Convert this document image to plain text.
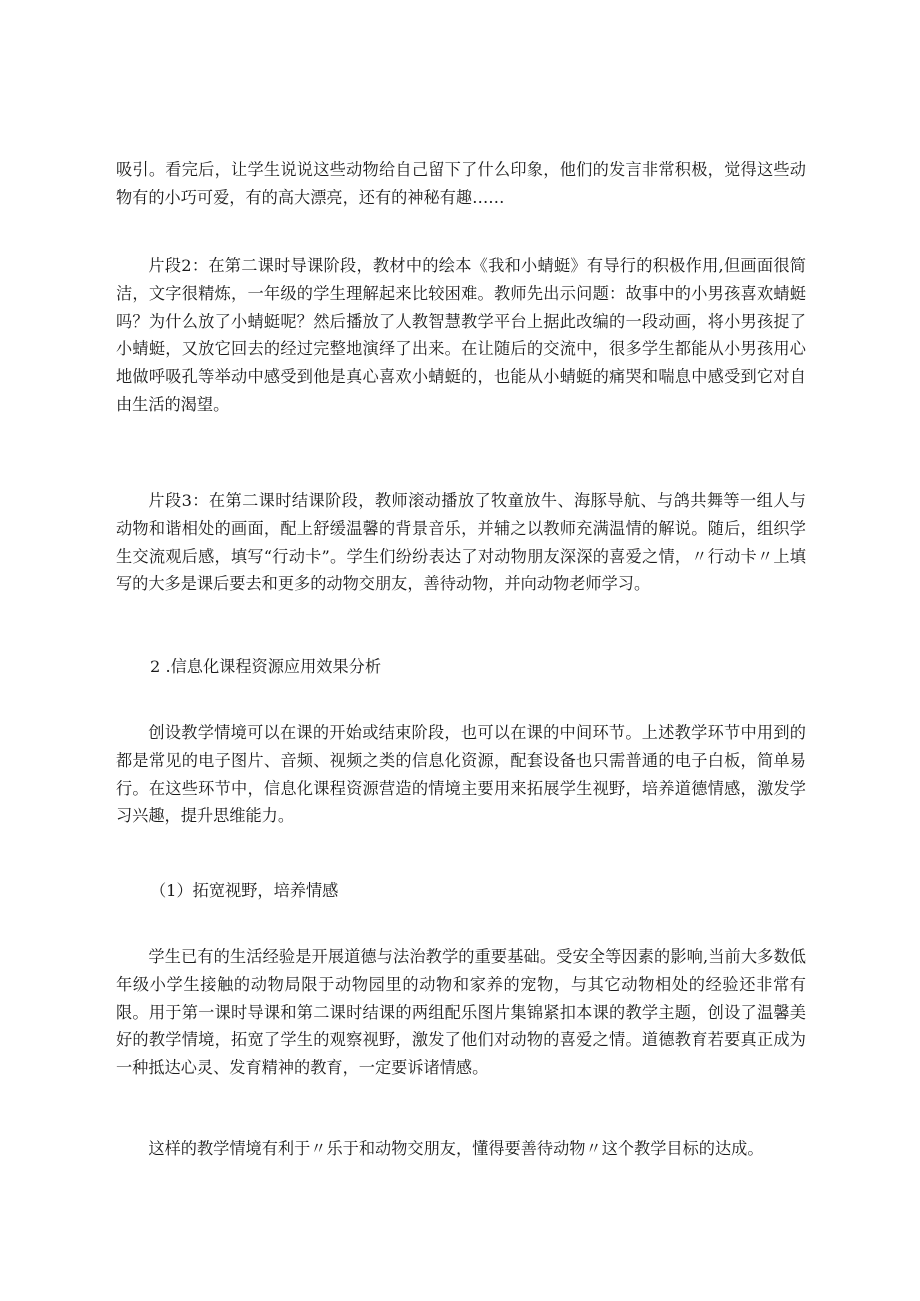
吸引。看完后，让学生说说这些动物给自己留下了什么印象，他们的发言非常积极，觉得这些动物有的小巧可爱，有的高大漂亮，还有的神秘有趣……

片段2：在第二课时导课阶段，教材中的绘本《我和小蜻蜓》有导行的积极作用,但画面很简洁，文字很精炼，一年级的学生理解起来比较困难。教师先出示问题：故事中的小男孩喜欢蜻蜓吗？为什么放了小蜻蜓呢？然后播放了人教智慧教学平台上据此改编的一段动画，将小男孩捉了小蜻蜓，又放它回去的经过完整地演绎了出来。在让随后的交流中，很多学生都能从小男孩用心地做呼吸孔等举动中感受到他是真心喜欢小蜻蜓的，也能从小蜻蜓的痛哭和喘息中感受到它对自由生活的渴望。

片段3：在第二课时结课阶段，教师滚动播放了牧童放牛、海豚导航、与鸽共舞等一组人与动物和谐相处的画面，配上舒缓温馨的背景音乐，并辅之以教师充满温情的解说。随后，组织学生交流观后感，填写“行动卡”。学生们纷纷表达了对动物朋友深深的喜爱之情，〃行动卡〃上填写的大多是课后要去和更多的动物交朋友，善待动物，并向动物老师学习。

2 .信息化课程资源应用效果分析

创设教学情境可以在课的开始或结束阶段，也可以在课的中间环节。上述教学环节中用到的都是常见的电子图片、音频、视频之类的信息化资源，配套设备也只需普通的电子白板，简单易行。在这些环节中，信息化课程资源营造的情境主要用来拓展学生视野，培养道德情感，激发学习兴趣，提升思维能力。

（1）拓宽视野，培养情感

学生已有的生活经验是开展道德与法治教学的重要基础。受安全等因素的影响,当前大多数低年级小学生接触的动物局限于动物园里的动物和家养的宠物，与其它动物相处的经验还非常有限。用于第一课时导课和第二课时结课的两组配乐图片集锦紧扣本课的教学主题，创设了温馨美好的教学情境，拓宽了学生的观察视野，激发了他们对动物的喜爱之情。道德教育若要真正成为一种抵达心灵、发育精神的教育，一定要诉诸情感。

这样的教学情境有利于〃乐于和动物交朋友，懂得要善待动物〃这个教学目标的达成。
